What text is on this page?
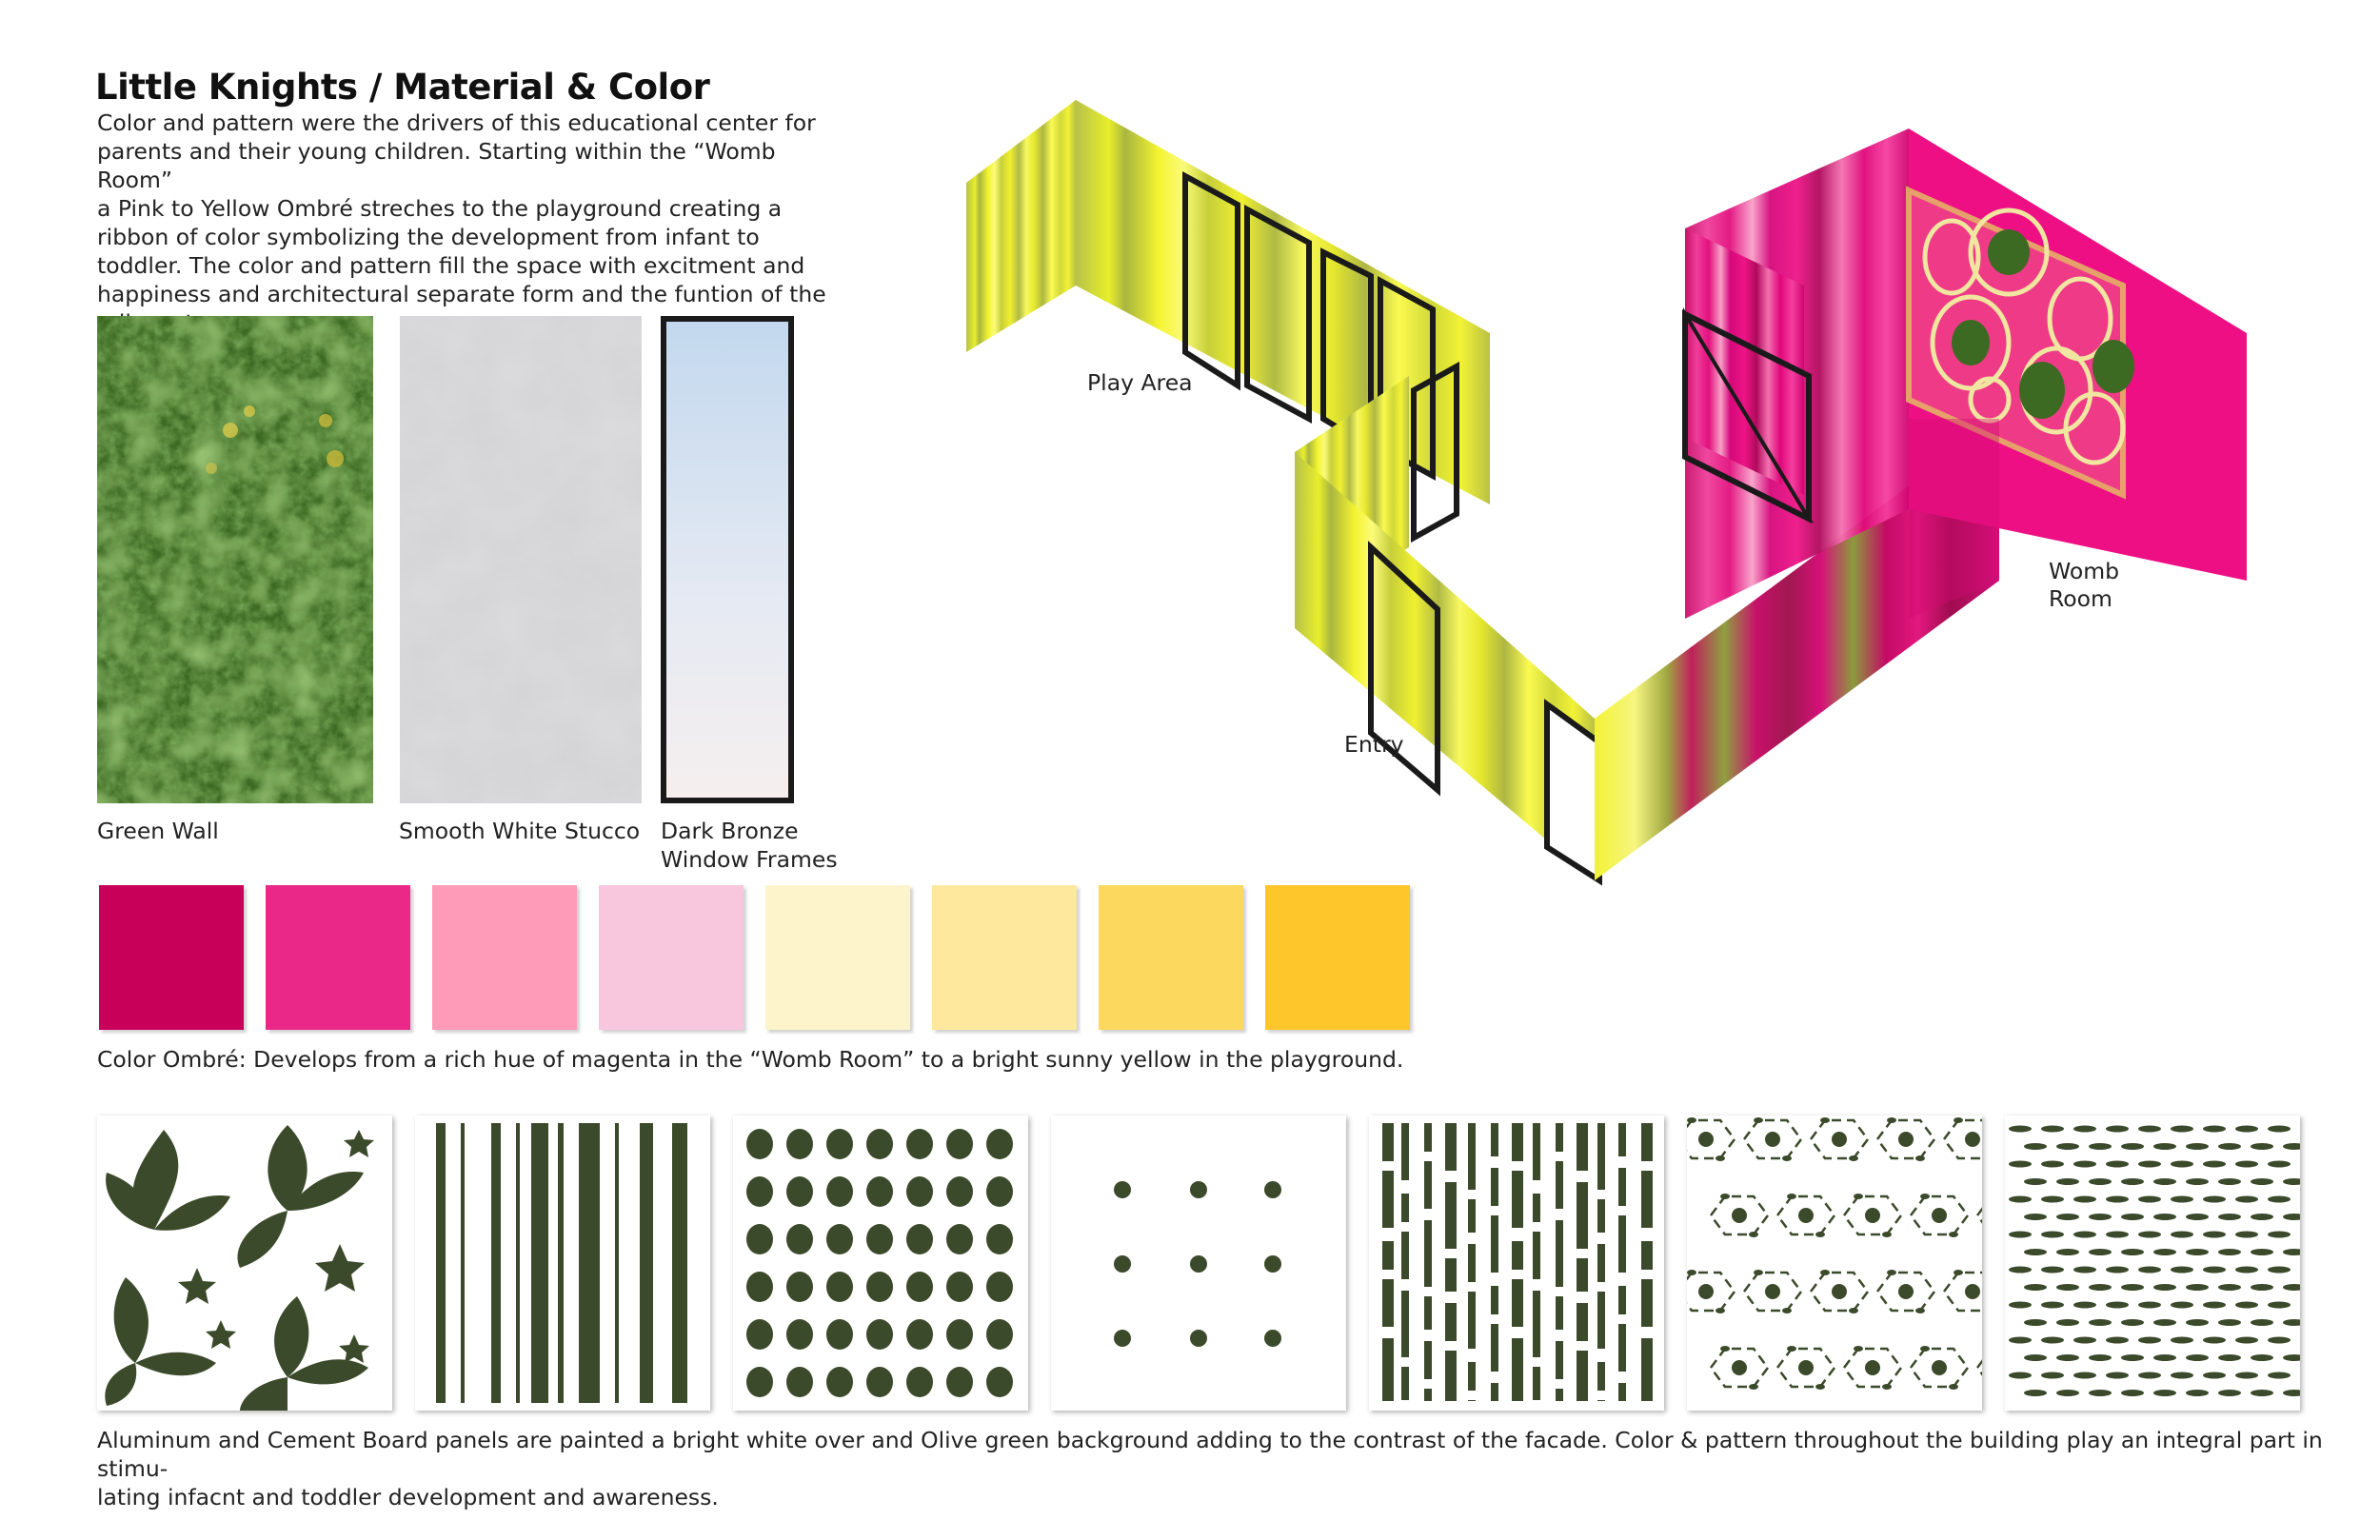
Little Knights / Material & Color
Color and pattern were the drivers of this educational center for
parents and their young children. Starting within the “Womb Room”
a Pink to Yellow Ombré streches to the playground creating a
ribbon of color symbolizing the development from infant to
toddler. The color and pattern fill the space with excitment and
happiness and architectural separate form and the funtion of the
Green Wall	Smooth White Stucco Dark Bronze
Window Frames
Color Ombré: Develops from a rich hue of magenta in the “Womb Room” to a bright sunny yellow in the playground.
Play Area
Entry
Womb
Room
Aluminum and Cement Board panels are painted a bright white over and Olive green background adding to the contrast of the facade. Color & pattern throughout the building play an integral part in stimu-
lating infacnt and toddler development and awareness.
